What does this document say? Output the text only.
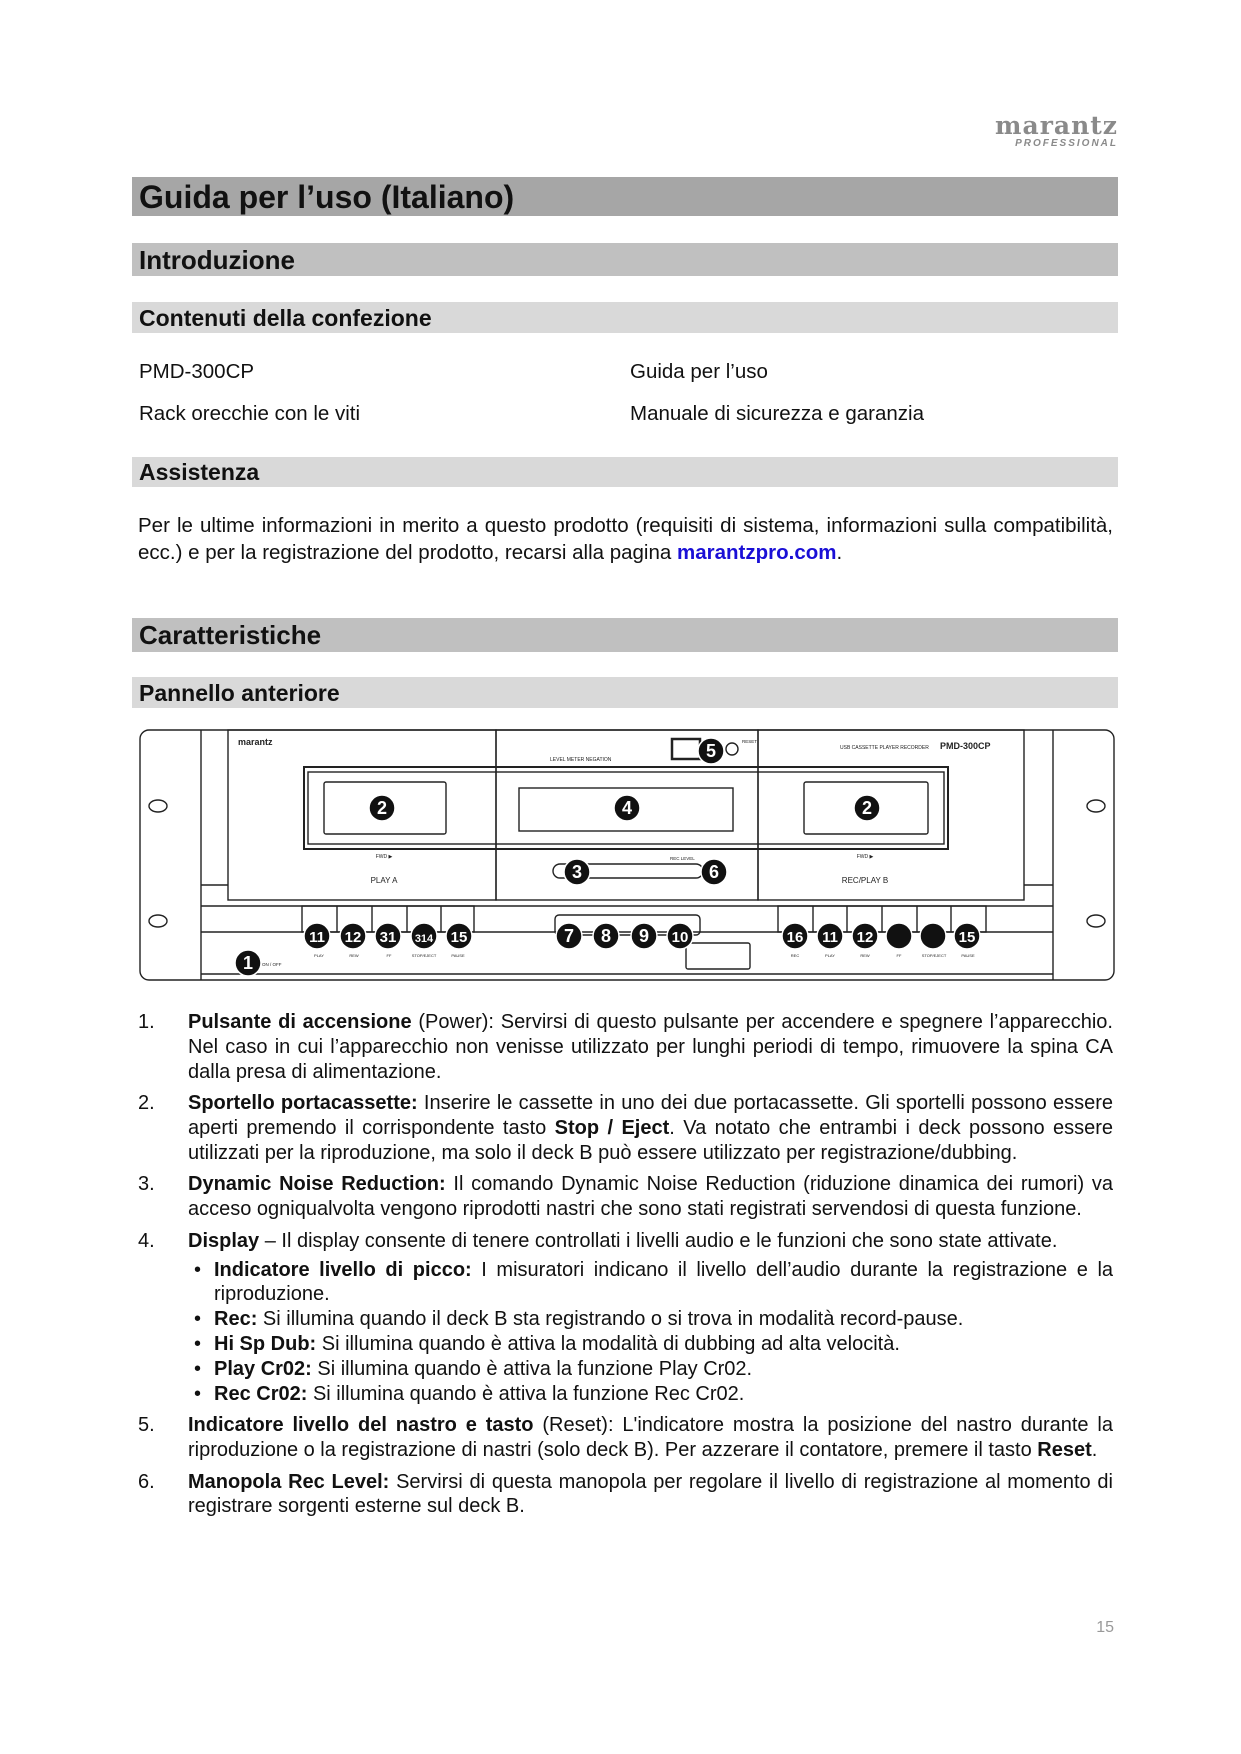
marantz
PROFESSIONAL
Guida per l’uso (Italiano)
Introduzione
Contenuti della confezione
PMD-300CP	Guida per l’uso
Rack orecchie con le viti	Manuale di sicurezza e garanzia
Assistenza
Per le ultime informazioni in merito a questo prodotto (requisiti di sistema, informazioni sulla compatibilità, ecc.) e per la registrazione del prodotto, recarsi alla pagina marantzpro.com.
Caratteristiche
Pannello anteriore
marantz	PMD-300CP
USB CASSETTE PLAYER RECORDER
LEVEL METER NEGATION
RESET
REC LEVEL
FWD ▶	FWD ▶
PLAY A	REC/PLAY B
ON / OFF
PLAY	REW	FF	STOP/EJECT	PAUSE	REC	PLAY	REW	FF	STOP/EJECT	PAUSE
2	4	2
5
3	6
11 12 31 314 15	7 8 9 10	16 11 12	15
1
1.	Pulsante di accensione (Power): Servirsi di questo pulsante per accendere e spegnere l’apparecchio. Nel caso in cui l’apparecchio non venisse utilizzato per lunghi periodi di tempo, rimuovere la spina CA dalla presa di alimentazione.
2.	Sportello portacassette: Inserire le cassette in uno dei due portacassette. Gli sportelli possono essere aperti premendo il corrispondente tasto Stop / Eject. Va notato che entrambi i deck possono essere utilizzati per la riproduzione, ma solo il deck B può essere utilizzato per registrazione/dubbing.
3.	Dynamic Noise Reduction: Il comando Dynamic Noise Reduction (riduzione dinamica dei rumori) va acceso ogniqualvolta vengono riprodotti nastri che sono stati registrati servendosi di questa funzione.
4.	Display – Il display consente di tenere controllati i livelli audio e le funzioni che sono state attivate.
• Indicatore livello di picco: I misuratori indicano il livello dell’audio durante la registrazione e la riproduzione.
• Rec: Si illumina quando il deck B sta registrando o si trova in modalità record-pause.
• Hi Sp Dub: Si illumina quando è attiva la modalità di dubbing ad alta velocità.
• Play Cr02: Si illumina quando è attiva la funzione Play Cr02.
• Rec Cr02: Si illumina quando è attiva la funzione Rec Cr02.
5.	Indicatore livello del nastro e tasto (Reset): L'indicatore mostra la posizione del nastro durante la riproduzione o la registrazione di nastri (solo deck B). Per azzerare il contatore, premere il tasto Reset.
6.	Manopola Rec Level: Servirsi di questa manopola per regolare il livello di registrazione al momento di registrare sorgenti esterne sul deck B.
15
